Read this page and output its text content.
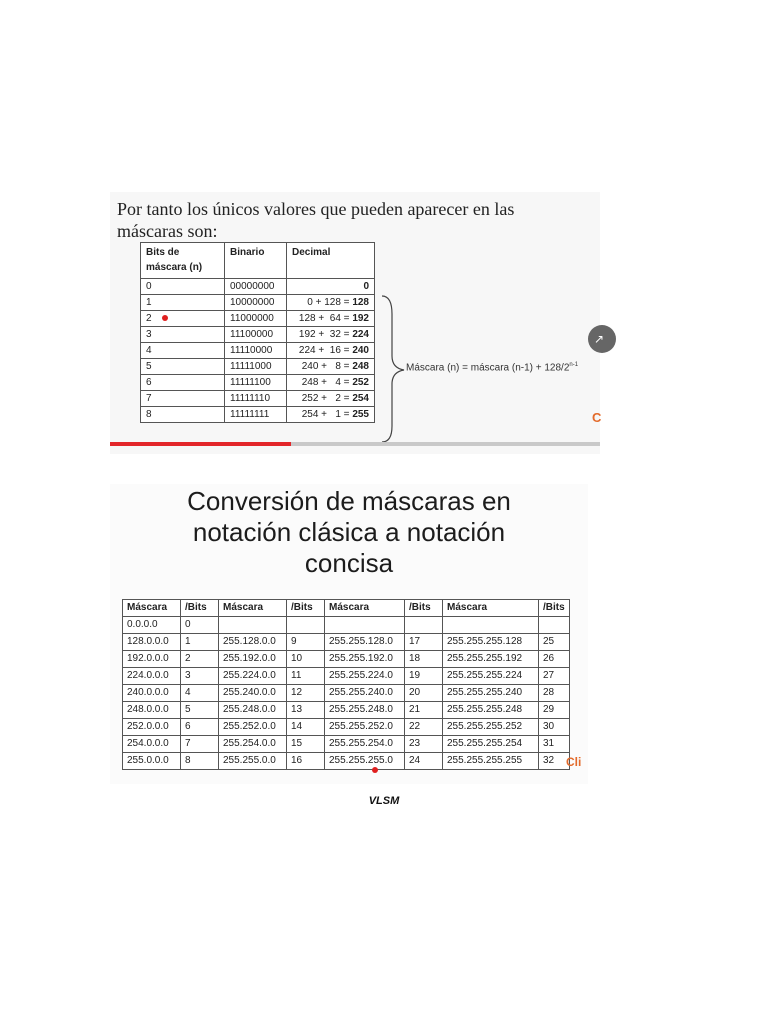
Por tanto los únicos valores que pueden aparecer en las
máscaras son:
Bits de
máscara (n)	Binario	Decimal
0	00000000	0
1	10000000	0 + 128 = 128
2	11000000	128 +  64 = 192
3	11100000	192 +  32 = 224
4	11110000	224 +  16 = 240
5	11111000	240 +   8 = 248
6	11111100	248 +   4 = 252
7	11111110	252 +   2 = 254
8	11111111	254 +   1 = 255
Máscara (n) = máscara $(n-1) + 128/2^{n-1}$
↗
C
Conversión de máscaras en
notación clásica a notación
concisa
Máscara	/Bits	Máscara	/Bits	Máscara	/Bits	Máscara	/Bits
0.0.0.0	0						
128.0.0.0	1	255.128.0.0	9	255.255.128.0	17	255.255.255.128	25
192.0.0.0	2	255.192.0.0	10	255.255.192.0	18	255.255.255.192	26
224.0.0.0	3	255.224.0.0	11	255.255.224.0	19	255.255.255.224	27
240.0.0.0	4	255.240.0.0	12	255.255.240.0	20	255.255.255.240	28
248.0.0.0	5	255.248.0.0	13	255.255.248.0	21	255.255.255.248	29
252.0.0.0	6	255.252.0.0	14	255.255.252.0	22	255.255.255.252	30
254.0.0.0	7	255.254.0.0	15	255.255.254.0	23	255.255.255.254	31
255.0.0.0	8	255.255.0.0	16	255.255.255.0	24	255.255.255.255	32 Cli
VLSM
